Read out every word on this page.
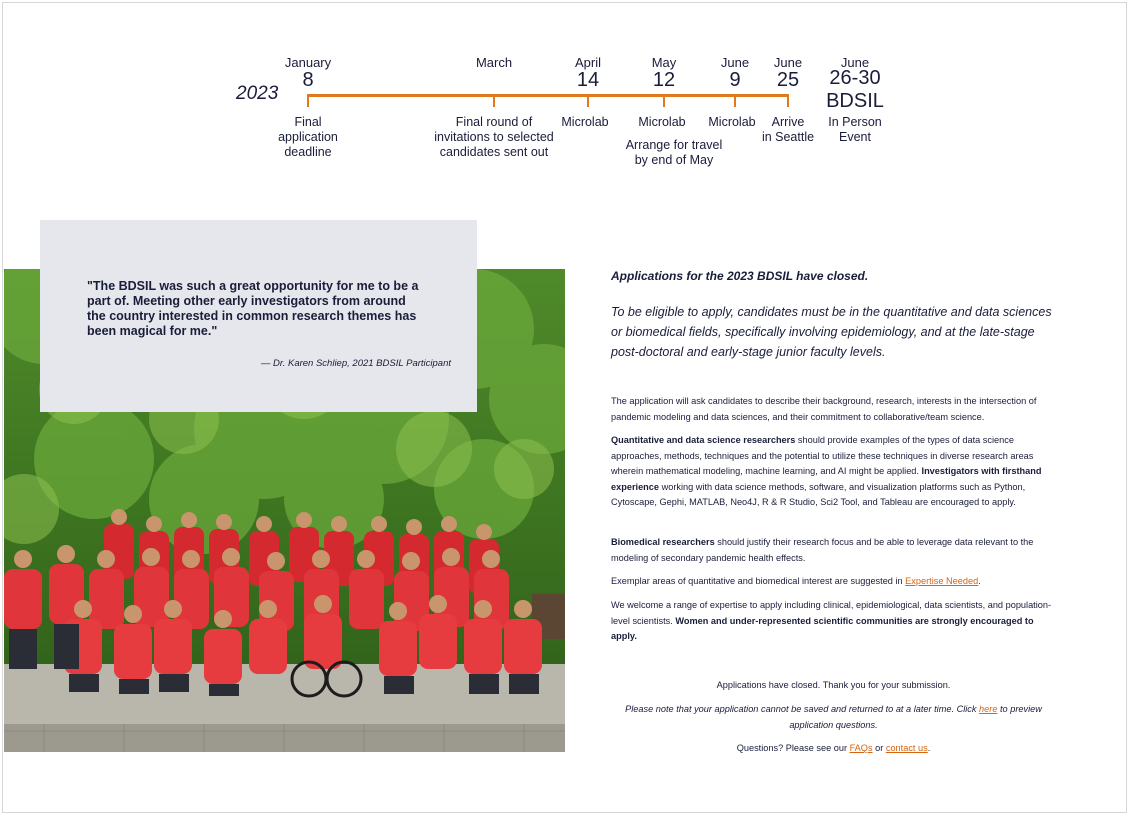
2023
January
8
Final
application
deadline
March
Final round of
invitations to selected
candidates sent out
April
14
Microlab
May
12
Microlab
Arrange for travel
by end of May
June
9
Microlab
June
25
Arrive
in Seattle
June
26-30
BDSIL
In Person
Event
"The BDSIL was such a great opportunity for me to be a part of. Meeting other early investigators from around the country interested in common research themes has been magical for me."
— Dr. Karen Schliep, 2021 BDSIL Participant
Applications for the 2023 BDSIL have closed.
To be eligible to apply, candidates must be in the quantitative and data sciences or biomedical fields, specifically involving epidemiology, and at the late-stage post-doctoral and early-stage junior faculty levels.
The application will ask candidates to describe their background, research, interests in the intersection of pandemic modeling and data sciences, and their commitment to collaborative/team science.
Quantitative and data science researchers should provide examples of the types of data science approaches, methods, techniques and the potential to utilize these techniques in diverse research areas wherein mathematical modeling, machine learning, and AI might be applied. Investigators with firsthand experience working with data science methods, software, and visualization platforms such as Python, Cytoscape, Gephi, MATLAB, Neo4J, R & R Studio, Sci2 Tool, and Tableau are encouraged to apply.
Biomedical researchers should justify their research focus and be able to leverage data relevant to the modeling of secondary pandemic health effects.
Exemplar areas of quantitative and biomedical interest are suggested in Expertise Needed.
We welcome a range of expertise to apply including clinical, epidemiological, data scientists, and population-level scientists. Women and under-represented scientific communities are strongly encouraged to apply.
Applications have closed. Thank you for your submission.
Please note that your application cannot be saved and returned to at a later time. Click here to preview application questions.
Questions? Please see our FAQs or contact us.
